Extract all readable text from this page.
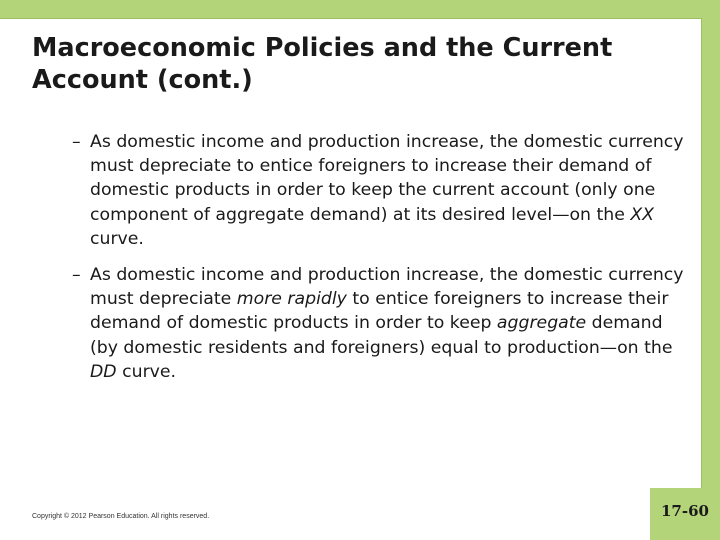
Macroeconomic Policies and the Current Account (cont.)
– As domestic income and production increase, the domestic currency must depreciate to entice foreigners to increase their demand of domestic products in order to keep the current account (only one component of aggregate demand) at its desired level—on the XX curve.
– As domestic income and production increase, the domestic currency must depreciate more rapidly to entice foreigners to increase their demand of domestic products in order to keep aggregate demand (by domestic residents and foreigners) equal to production—on the DD curve.
Copyright © 2012 Pearson Education. All rights reserved.	17-60
